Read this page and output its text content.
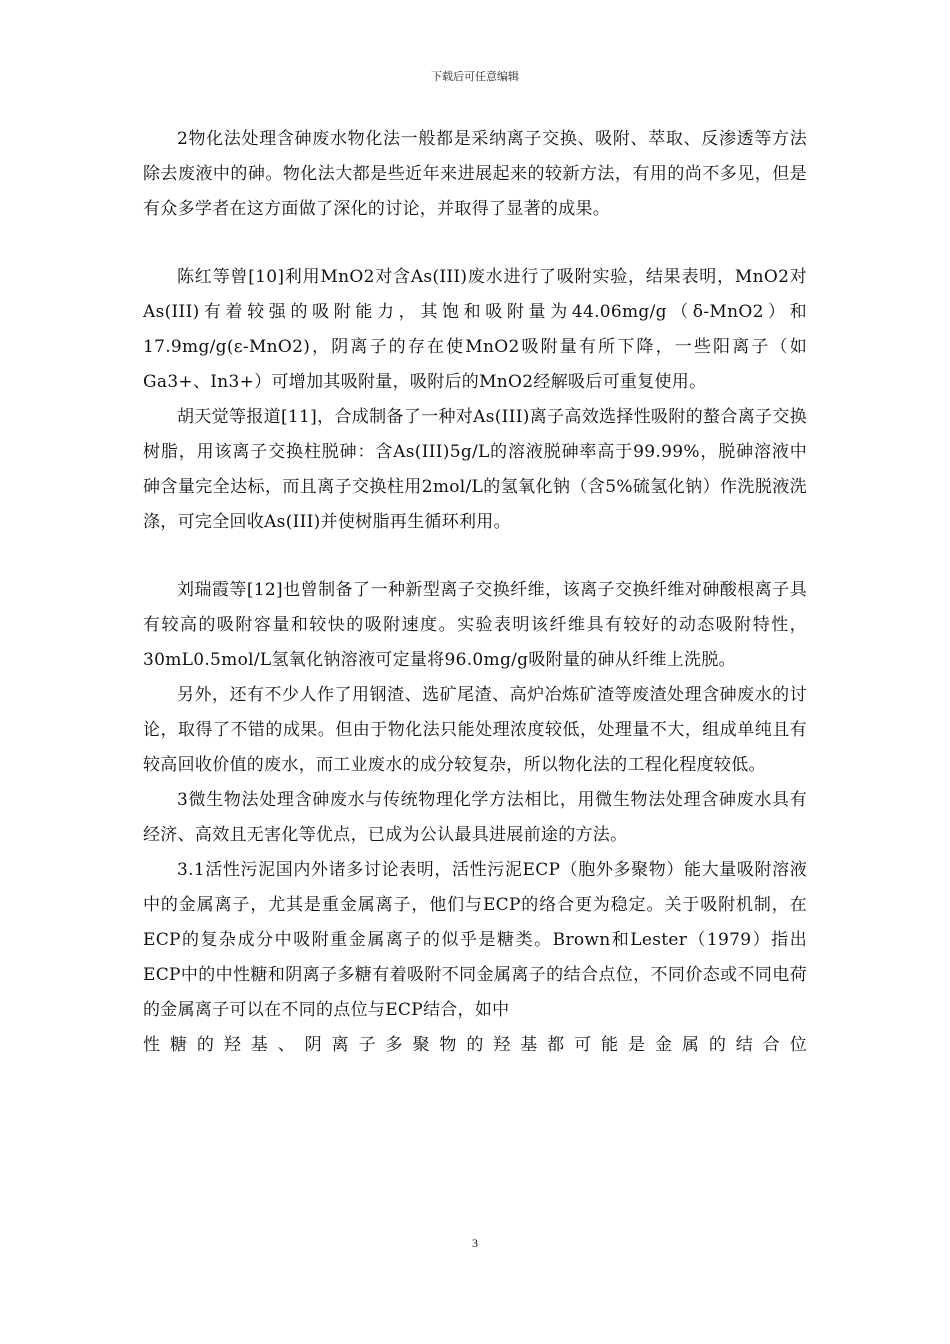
下载后可任意编辑

2物化法处理含砷废水物化法一般都是采纳离子交换、吸附、萃取、反渗透等方法除去废液中的砷。物化法大都是些近年来进展起来的较新方法，有用的尚不多见，但是有众多学者在这方面做了深化的讨论，并取得了显著的成果。

陈红等曾[10]利用MnO2对含As(III)废水进行了吸附实验，结果表明，MnO2对As(III)有着较强的吸附能力，其饱和吸附量为44.06mg/g（δ-MnO2）和17.9mg/g(ε-MnO2)，阴离子的存在使MnO2吸附量有所下降，一些阳离子（如Ga3+、In3+）可增加其吸附量，吸附后的MnO2经解吸后可重复使用。

胡天觉等报道[11]，合成制备了一种对As(III)离子高效选择性吸附的螯合离子交换树脂，用该离子交换柱脱砷：含As(III)5g/L的溶液脱砷率高于99.99%，脱砷溶液中砷含量完全达标，而且离子交换柱用2mol/L的氢氧化钠（含5%硫氢化钠）作洗脱液洗涤，可完全回收As(III)并使树脂再生循环利用。

刘瑞霞等[12]也曾制备了一种新型离子交换纤维，该离子交换纤维对砷酸根离子具有较高的吸附容量和较快的吸附速度。实验表明该纤维具有较好的动态吸附特性，30mL0.5mol/L氢氧化钠溶液可定量将96.0mg/g吸附量的砷从纤维上洗脱。

另外，还有不少人作了用钢渣、选矿尾渣、高炉冶炼矿渣等废渣处理含砷废水的讨论，取得了不错的成果。但由于物化法只能处理浓度较低，处理量不大，组成单纯且有较高回收价值的废水，而工业废水的成分较复杂，所以物化法的工程化程度较低。

3微生物法处理含砷废水与传统物理化学方法相比，用微生物法处理含砷废水具有经济、高效且无害化等优点，已成为公认最具进展前途的方法。

3.1活性污泥国内外诸多讨论表明，活性污泥ECP（胞外多聚物）能大量吸附溶液中的金属离子，尤其是重金属离子，他们与ECP的络合更为稳定。关于吸附机制，在ECP的复杂成分中吸附重金属离子的似乎是糖类。Brown和Lester（1979）指出ECP中的中性糖和阴离子多糖有着吸附不同金属离子的结合点位，不同价态或不同电荷的金属离子可以在不同的点位与ECP结合，如中

性糖的羟基、阴离子多聚物的羟基都可能是金属的结合位

3
